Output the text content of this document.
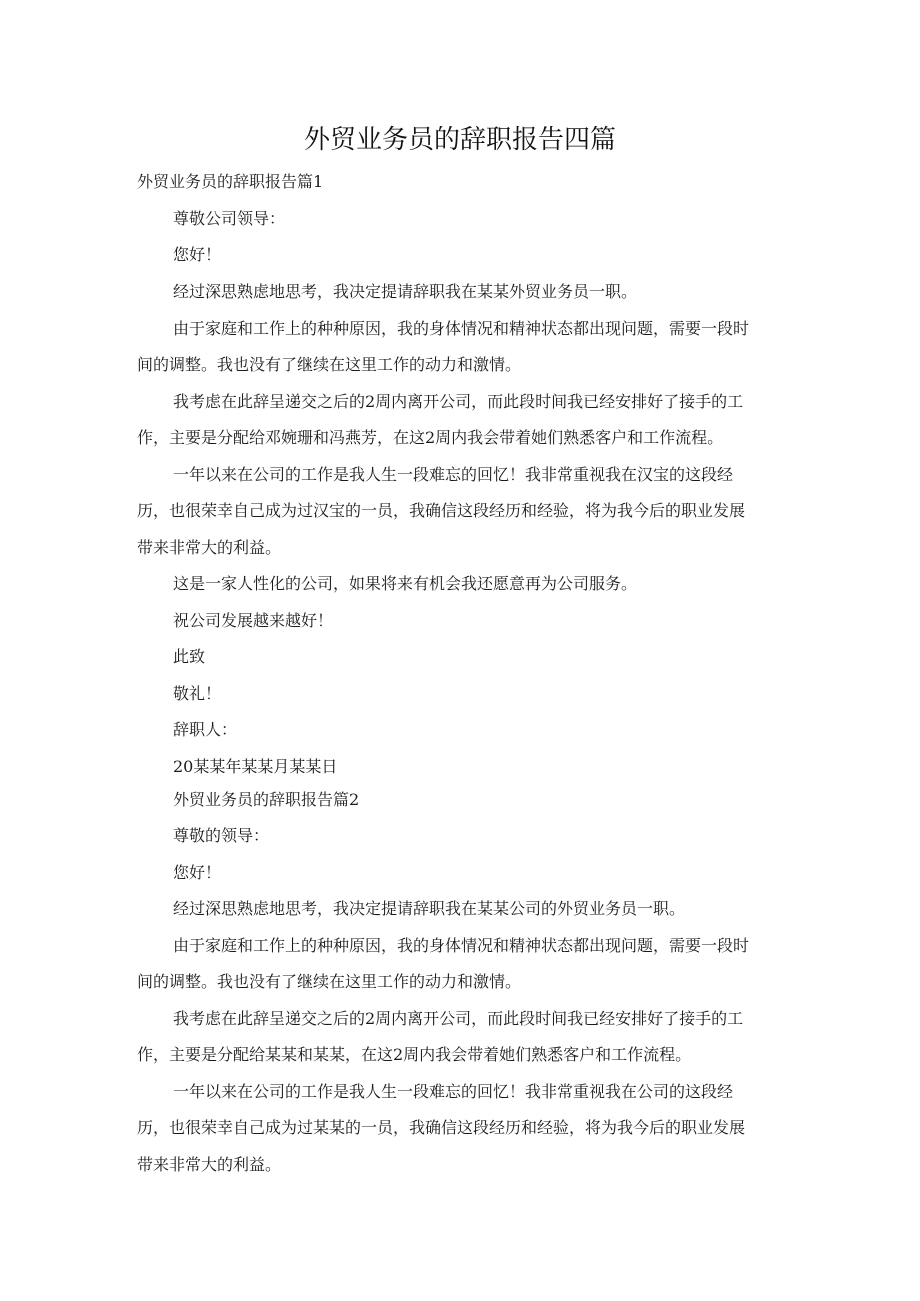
外贸业务员的辞职报告四篇
外贸业务员的辞职报告篇1
尊敬公司领导：
您好！
经过深思熟虑地思考，我决定提请辞职我在某某外贸业务员一职。
由于家庭和工作上的种种原因，我的身体情况和精神状态都出现问题，需要一段时
间的调整。我也没有了继续在这里工作的动力和激情。
我考虑在此辞呈递交之后的2周内离开公司，而此段时间我已经安排好了接手的工
作，主要是分配给邓婉珊和冯燕芳，在这2周内我会带着她们熟悉客户和工作流程。
一年以来在公司的工作是我人生一段难忘的回忆！我非常重视我在汉宝的这段经
历，也很荣幸自己成为过汉宝的一员，我确信这段经历和经验，将为我今后的职业发展
带来非常大的利益。
这是一家人性化的公司，如果将来有机会我还愿意再为公司服务。
祝公司发展越来越好！
此致
敬礼！
辞职人：
20某某年某某月某某日
外贸业务员的辞职报告篇2
尊敬的领导：
您好！
经过深思熟虑地思考，我决定提请辞职我在某某公司的外贸业务员一职。
由于家庭和工作上的种种原因，我的身体情况和精神状态都出现问题，需要一段时
间的调整。我也没有了继续在这里工作的动力和激情。
我考虑在此辞呈递交之后的2周内离开公司，而此段时间我已经安排好了接手的工
作，主要是分配给某某和某某，在这2周内我会带着她们熟悉客户和工作流程。
一年以来在公司的工作是我人生一段难忘的回忆！我非常重视我在公司的这段经
历，也很荣幸自己成为过某某的一员，我确信这段经历和经验，将为我今后的职业发展
带来非常大的利益。
